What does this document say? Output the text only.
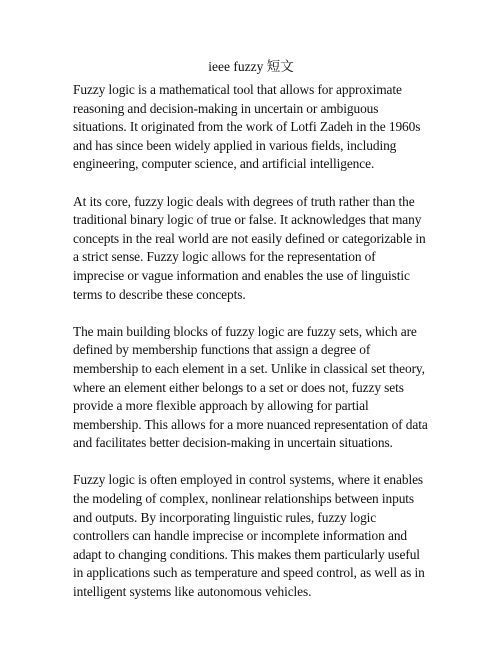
ieee fuzzy 短文

Fuzzy logic is a mathematical tool that allows for approximate
reasoning and decision-making in uncertain or ambiguous
situations. It originated from the work of Lotfi Zadeh in the 1960s
and has since been widely applied in various fields, including
engineering, computer science, and artificial intelligence.

At its core, fuzzy logic deals with degrees of truth rather than the
traditional binary logic of true or false. It acknowledges that many
concepts in the real world are not easily defined or categorizable in
a strict sense. Fuzzy logic allows for the representation of
imprecise or vague information and enables the use of linguistic
terms to describe these concepts.

The main building blocks of fuzzy logic are fuzzy sets, which are
defined by membership functions that assign a degree of
membership to each element in a set. Unlike in classical set theory,
where an element either belongs to a set or does not, fuzzy sets
provide a more flexible approach by allowing for partial
membership. This allows for a more nuanced representation of data
and facilitates better decision-making in uncertain situations.

Fuzzy logic is often employed in control systems, where it enables
the modeling of complex, nonlinear relationships between inputs
and outputs. By incorporating linguistic rules, fuzzy logic
controllers can handle imprecise or incomplete information and
adapt to changing conditions. This makes them particularly useful
in applications such as temperature and speed control, as well as in
intelligent systems like autonomous vehicles.
